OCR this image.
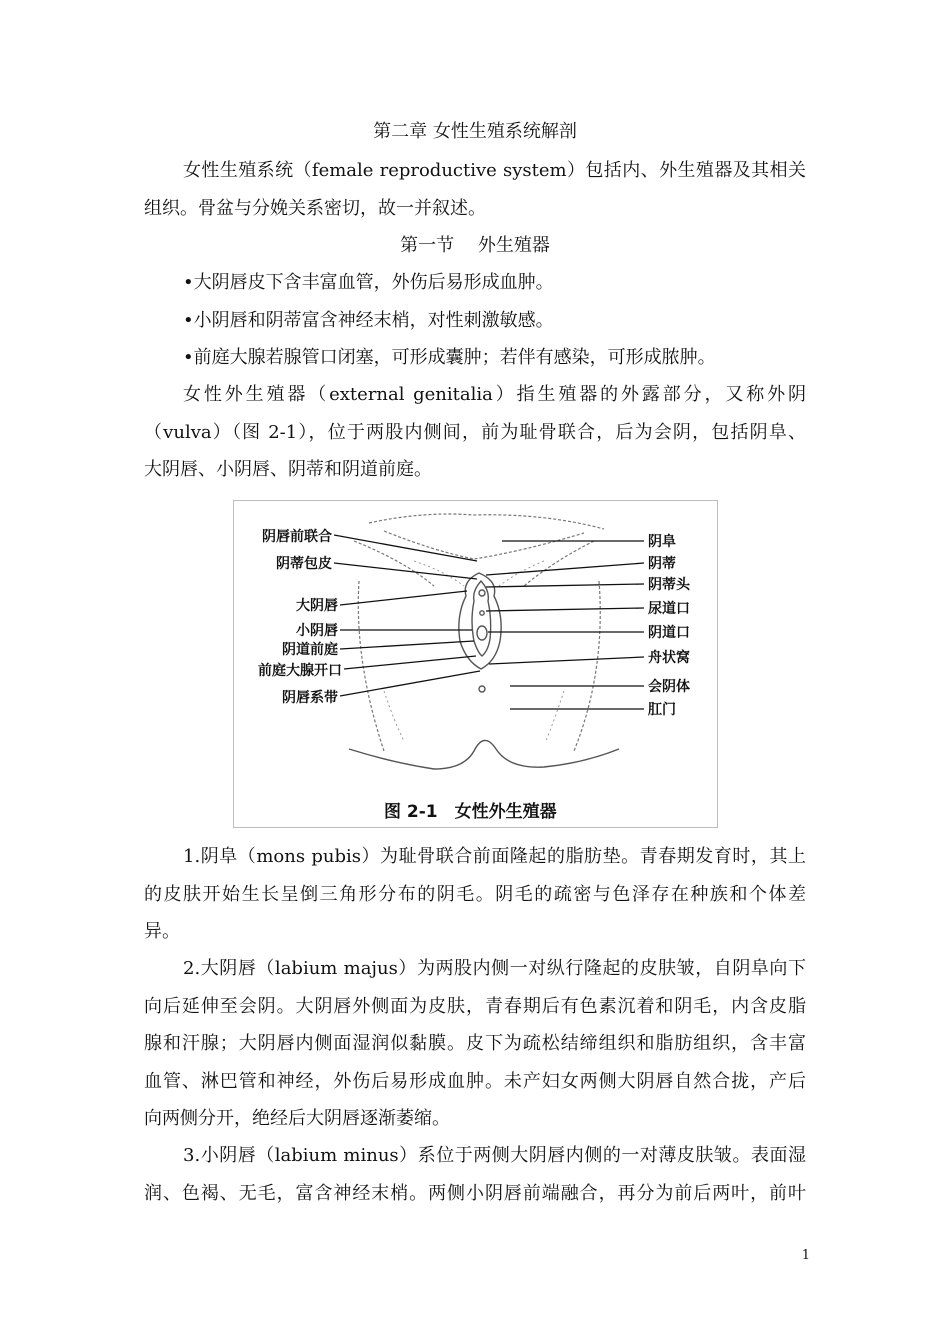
第二章 女性生殖系统解剖
女性生殖系统（female reproductive system）包括内、外生殖器及其相关
组织。骨盆与分娩关系密切，故一并叙述。
第一节　 外生殖器
•大阴唇皮下含丰富血管，外伤后易形成血肿。
•小阴唇和阴蒂富含神经末梢，对性刺激敏感。
•前庭大腺若腺管口闭塞，可形成囊肿；若伴有感染，可形成脓肿。
女性外生殖器（external genitalia）指生殖器的外露部分，又称外阴
（vulva）（图 2-1），位于两股内侧间，前为耻骨联合，后为会阴，包括阴阜、
大阴唇、小阴唇、阴蒂和阴道前庭。
阴唇前联合
阴蒂包皮
大阴唇
小阴唇
阴道前庭
前庭大腺开口
阴唇系带
阴阜
阴蒂
阴蒂头
尿道口
阴道口
舟状窝
会阴体
肛门
图 2-1　女性外生殖器
1.阴阜（mons pubis）为耻骨联合前面隆起的脂肪垫。青春期发育时，其上
的皮肤开始生长呈倒三角形分布的阴毛。阴毛的疏密与色泽存在种族和个体差
异。
2.大阴唇（labium majus）为两股内侧一对纵行隆起的皮肤皱，自阴阜向下
向后延伸至会阴。大阴唇外侧面为皮肤，青春期后有色素沉着和阴毛，内含皮脂
腺和汗腺；大阴唇内侧面湿润似黏膜。皮下为疏松结缔组织和脂肪组织，含丰富
血管、淋巴管和神经，外伤后易形成血肿。未产妇女两侧大阴唇自然合拢，产后
向两侧分开，绝经后大阴唇逐渐萎缩。
3.小阴唇（labium minus）系位于两侧大阴唇内侧的一对薄皮肤皱。表面湿
润、色褐、无毛，富含神经末梢。两侧小阴唇前端融合，再分为前后两叶，前叶
1
